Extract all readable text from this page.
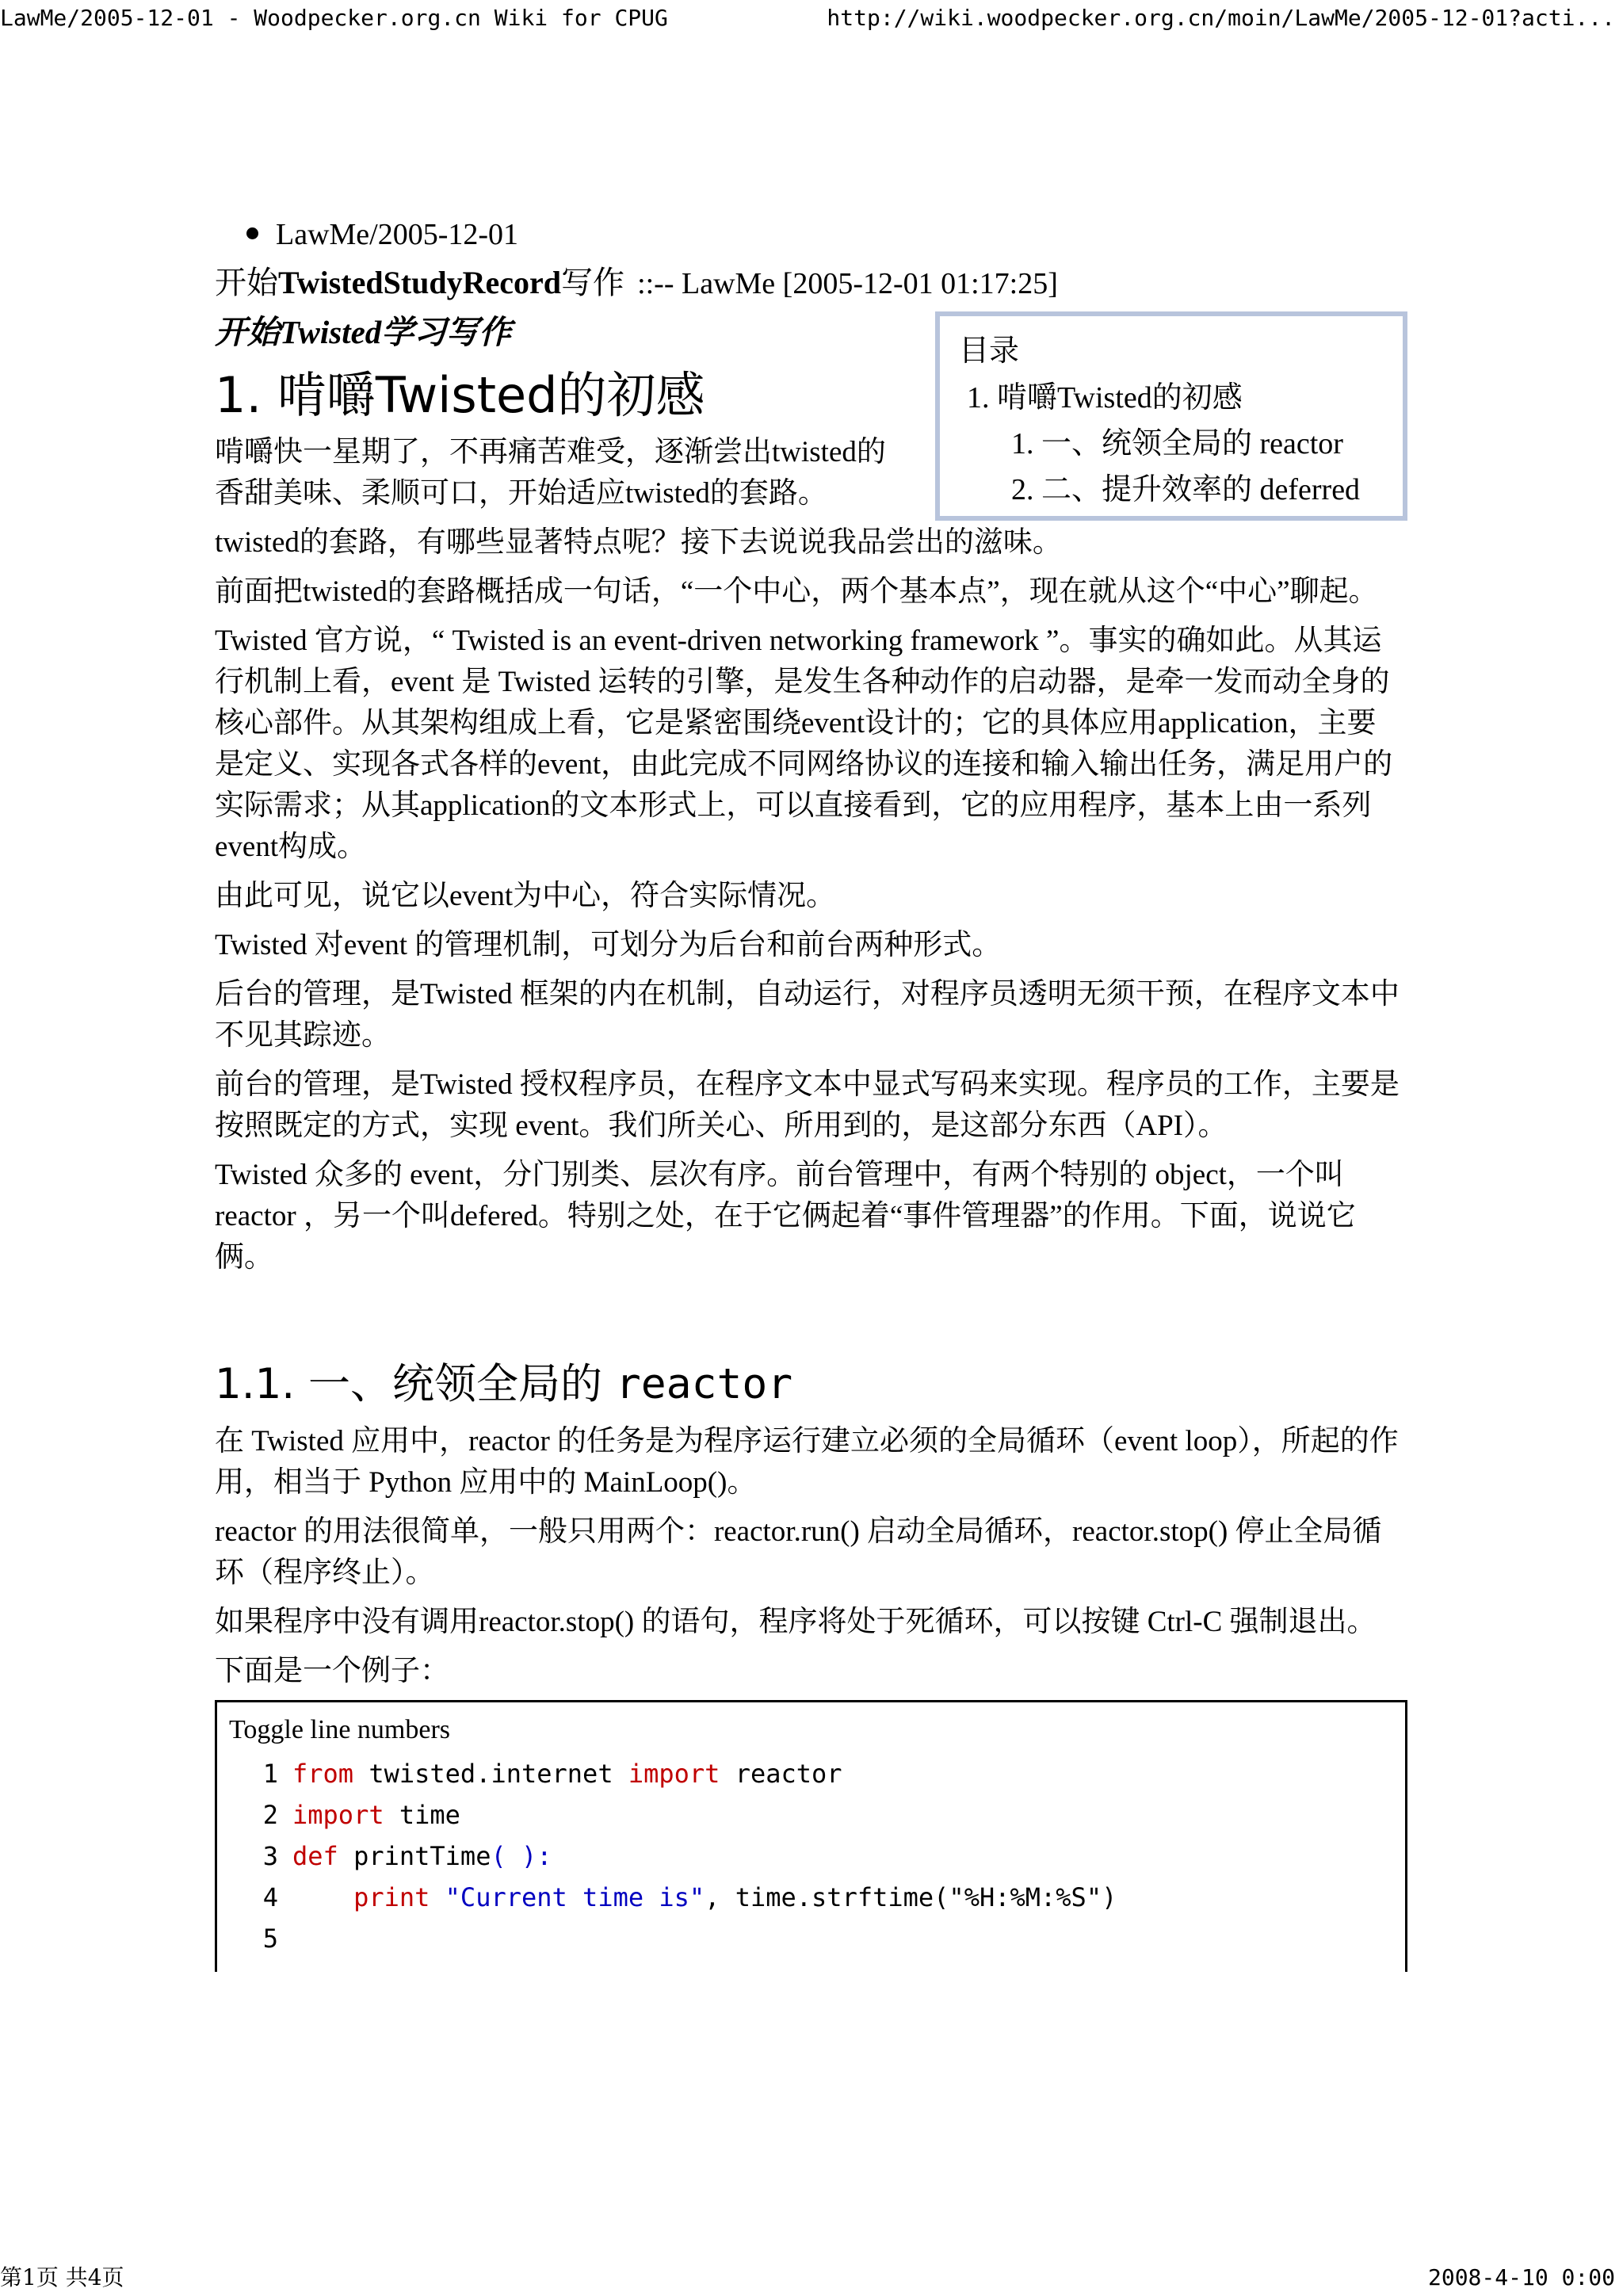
LawMe/2005-12-01 - Woodpecker.org.cn Wiki for CPUG	http://wiki.woodpecker.org.cn/moin/LawMe/2005-12-01?acti...
LawMe/2005-12-01
开始TwistedStudyRecord写作 ::-- LawMe [2005-12-01 01:17:25]
开始Twisted学习写作
目录
1. 啃嚼Twisted的初感
1. 一、统领全局的 reactor
2. 二、提升效率的 deferred
1. 啃嚼Twisted的初感
啃嚼快一星期了，不再痛苦难受，逐渐尝出twisted的香甜美味、柔顺可口，开始适应twisted的套路。
twisted的套路，有哪些显著特点呢？接下去说说我品尝出的滋味。
前面把twisted的套路概括成一句话，“一个中心，两个基本点”，现在就从这个“中心”聊起。
Twisted 官方说，“ Twisted is an event-driven networking framework ”。事实的确如此。从其运行机制上看，event 是 Twisted 运转的引擎，是发生各种动作的启动器，是牵一发而动全身的核心部件。从其架构组成上看，它是紧密围绕event设计的；它的具体应用application，主要是定义、实现各式各样的event，由此完成不同网络协议的连接和输入输出任务，满足用户的实际需求；从其application的文本形式上，可以直接看到，它的应用程序，基本上由一系列event构成。
由此可见，说它以event为中心，符合实际情况。
Twisted 对event 的管理机制，可划分为后台和前台两种形式。
后台的管理，是Twisted 框架的内在机制，自动运行，对程序员透明无须干预，在程序文本中不见其踪迹。
前台的管理，是Twisted 授权程序员，在程序文本中显式写码来实现。程序员的工作，主要是按照既定的方式，实现 event。我们所关心、所用到的，是这部分东西（API）。
Twisted 众多的 event，分门别类、层次有序。前台管理中，有两个特别的 object，一个叫 reactor ，另一个叫defered。特别之处，在于它俩起着“事件管理器”的作用。下面，说说它俩。
1.1. 一、统领全局的 reactor
在 Twisted 应用中，reactor 的任务是为程序运行建立必须的全局循环（event loop），所起的作用，相当于 Python 应用中的 MainLoop()。
reactor 的用法很简单，一般只用两个：reactor.run() 启动全局循环，reactor.stop() 停止全局循环（程序终止）。
如果程序中没有调用reactor.stop() 的语句，程序将处于死循环，可以按键 Ctrl-C 强制退出。
下面是一个例子：
Toggle line numbers
1 from twisted.internet import reactor
2 import time
3 def printTime( ):
4    print "Current time is", time.strftime("%H:%M:%S")
5
第1页 共4页	2008-4-10 0:00
